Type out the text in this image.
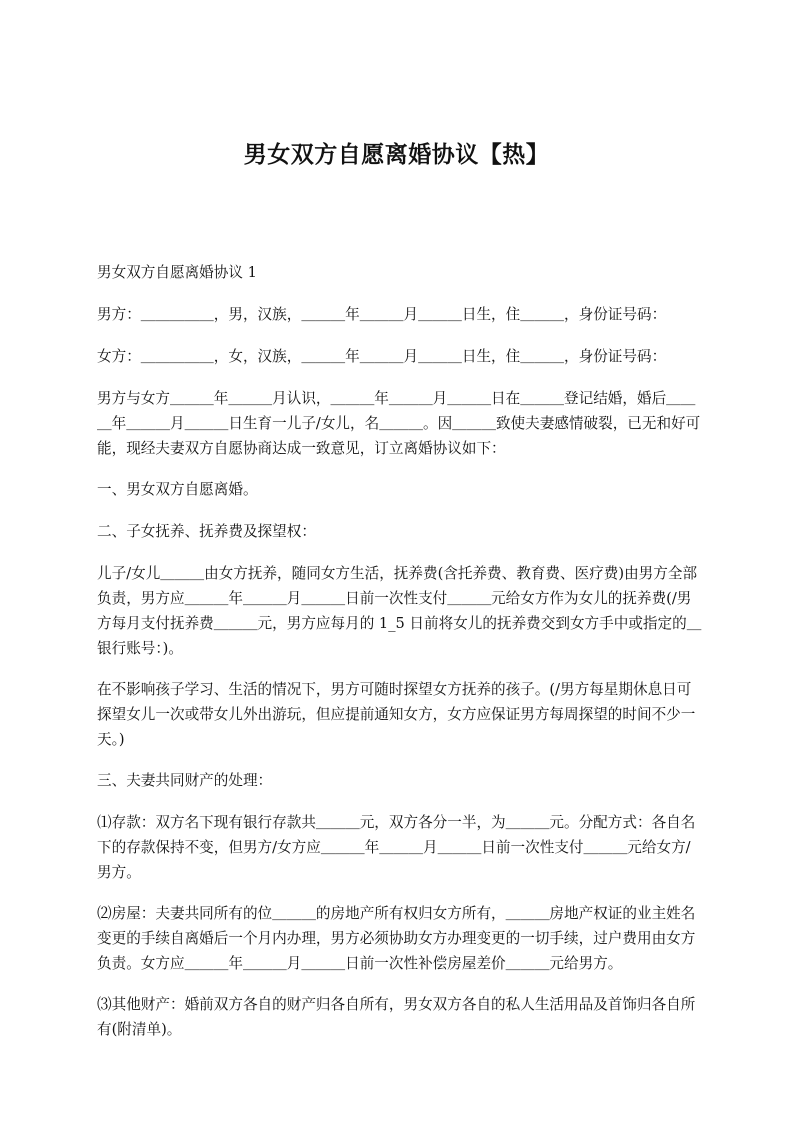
男女双方自愿离婚协议【热】

男女双方自愿离婚协议 1

男方：＿＿＿＿＿，男，汉族，＿＿＿年＿＿＿月＿＿＿日生，住＿＿＿，身份证号码：

女方：＿＿＿＿＿，女，汉族，＿＿＿年＿＿＿月＿＿＿日生，住＿＿＿，身份证号码：

男方与女方＿＿＿年＿＿＿月认识，＿＿＿年＿＿＿月＿＿＿日在＿＿＿登记结婚，婚后＿＿＿年＿＿＿月＿＿＿日生育一儿子/女儿，名＿＿＿。因＿＿＿致使夫妻感情破裂，已无和好可能，现经夫妻双方自愿协商达成一致意见，订立离婚协议如下：

一、男女双方自愿离婚。

二、子女抚养、抚养费及探望权：

儿子/女儿＿＿＿由女方抚养，随同女方生活，抚养费(含托养费、教育费、医疗费)由男方全部负责，男方应＿＿＿年＿＿＿月＿＿＿日前一次性支付＿＿＿元给女方作为女儿的抚养费(/男方每月支付抚养费＿＿＿元，男方应每月的 1_5 日前将女儿的抚养费交到女方手中或指定的＿银行账号：)。

在不影响孩子学习、生活的情况下，男方可随时探望女方抚养的孩子。(/男方每星期休息日可探望女儿一次或带女儿外出游玩，但应提前通知女方，女方应保证男方每周探望的时间不少一天。)

三、夫妻共同财产的处理：

⑴存款：双方名下现有银行存款共＿＿＿元，双方各分一半，为＿＿＿元。分配方式：各自名下的存款保持不变，但男方/女方应＿＿＿年＿＿＿月＿＿＿日前一次性支付＿＿＿元给女方/男方。

⑵房屋：夫妻共同所有的位＿＿＿的房地产所有权归女方所有，＿＿＿房地产权证的业主姓名变更的手续自离婚后一个月内办理，男方必须协助女方办理变更的一切手续，过户费用由女方负责。女方应＿＿＿年＿＿＿月＿＿＿日前一次性补偿房屋差价＿＿＿元给男方。

⑶其他财产：婚前双方各自的财产归各自所有，男女双方各自的私人生活用品及首饰归各自所有(附清单)。
